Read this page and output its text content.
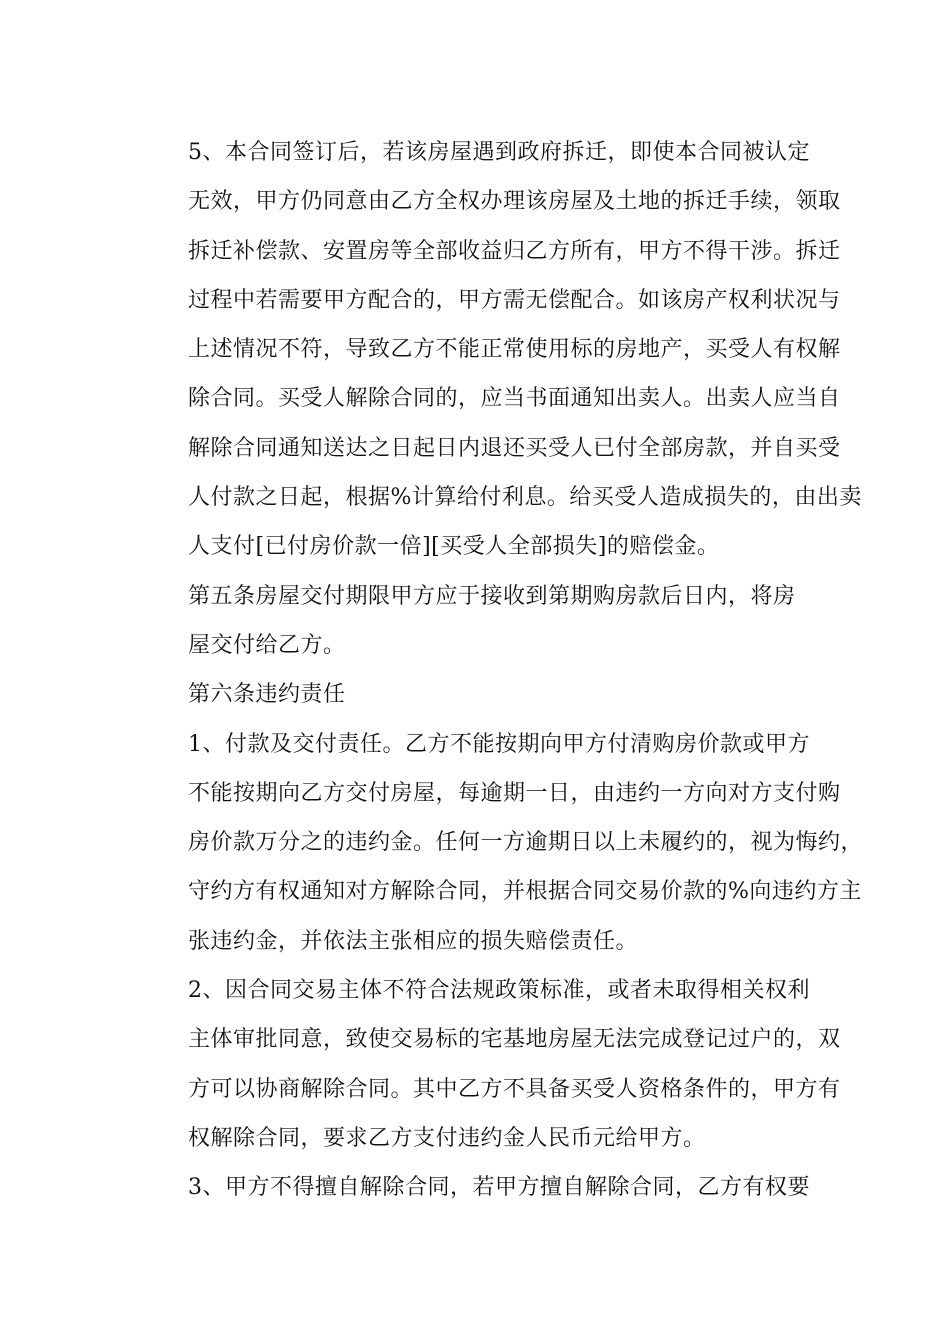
5、本合同签订后，若该房屋遇到政府拆迁，即使本合同被认定
无效，甲方仍同意由乙方全权办理该房屋及土地的拆迁手续，领取
拆迁补偿款、安置房等全部收益归乙方所有，甲方不得干涉。拆迁
过程中若需要甲方配合的，甲方需无偿配合。如该房产权利状况与
上述情况不符，导致乙方不能正常使用标的房地产，买受人有权解
除合同。买受人解除合同的，应当书面通知出卖人。出卖人应当自
解除合同通知送达之日起日内退还买受人已付全部房款，并自买受
人付款之日起，根据%计算给付利息。给买受人造成损失的，由出卖
人支付[已付房价款一倍][买受人全部损失]的赔偿金。

第五条房屋交付期限甲方应于接收到第期购房款后日内，将房
屋交付给乙方。

第六条违约责任

1、付款及交付责任。乙方不能按期向甲方付清购房价款或甲方
不能按期向乙方交付房屋，每逾期一日，由违约一方向对方支付购
房价款万分之的违约金。任何一方逾期日以上未履约的，视为悔约，
守约方有权通知对方解除合同，并根据合同交易价款的%向违约方主
张违约金，并依法主张相应的损失赔偿责任。

2、因合同交易主体不符合法规政策标准，或者未取得相关权利
主体审批同意，致使交易标的宅基地房屋无法完成登记过户的，双
方可以协商解除合同。其中乙方不具备买受人资格条件的，甲方有
权解除合同，要求乙方支付违约金人民币元给甲方。

3、甲方不得擅自解除合同，若甲方擅自解除合同，乙方有权要
